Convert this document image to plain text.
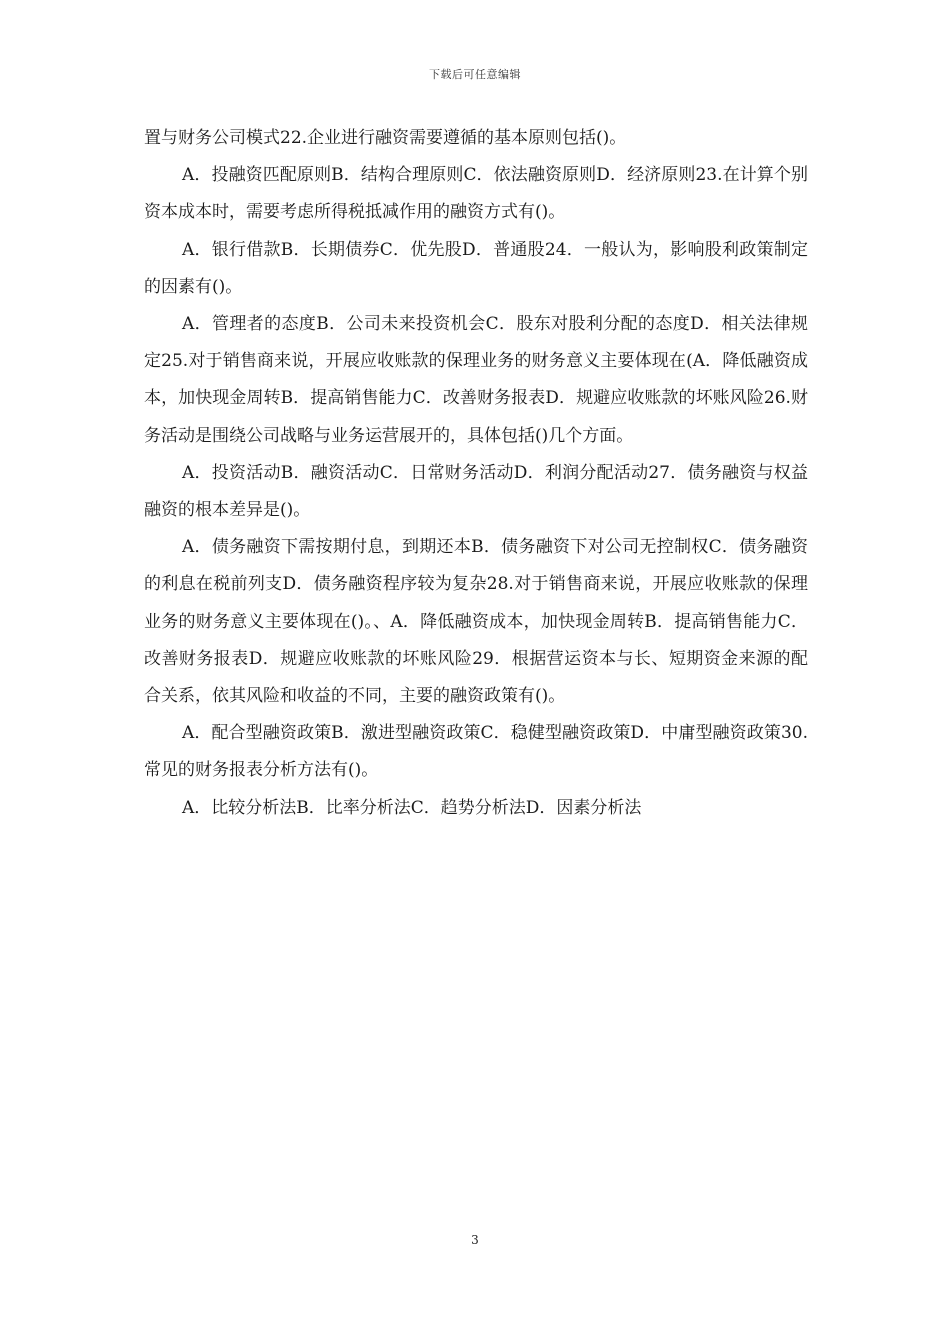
下载后可任意编辑

置与财务公司模式22.企业进行融资需要遵循的基本原则包括()。

A．投融资匹配原则B．结构合理原则C．依法融资原则D．经济原则23.在计算个别资本成本时，需要考虑所得税抵减作用的融资方式有()。

A．银行借款B．长期债券C．优先股D．普通股24．一般认为，影响股利政策制定的因素有()。

A．管理者的态度B．公司未来投资机会C．股东对股利分配的态度D．相关法律规定25.对于销售商来说，开展应收账款的保理业务的财务意义主要体现在(A．降低融资成本，加快现金周转B．提高销售能力C．改善财务报表D．规避应收账款的坏账风险26.财务活动是围绕公司战略与业务运营展开的，具体包括()几个方面。

A．投资活动B．融资活动C．日常财务活动D．利润分配活动27．债务融资与权益融资的根本差异是()。

A．债务融资下需按期付息，到期还本B．债务融资下对公司无控制权C．债务融资的利息在税前列支D．债务融资程序较为复杂28.对于销售商来说，开展应收账款的保理业务的财务意义主要体现在()。、A．降低融资成本，加快现金周转B．提高销售能力C．改善财务报表D．规避应收账款的坏账风险29．根据营运资本与长、短期资金来源的配合关系，依其风险和收益的不同，主要的融资政策有()。

A．配合型融资政策B．激进型融资政策C．稳健型融资政策D．中庸型融资政策30.常见的财务报表分析方法有()。

A．比较分析法B．比率分析法C．趋势分析法D．因素分析法

3
